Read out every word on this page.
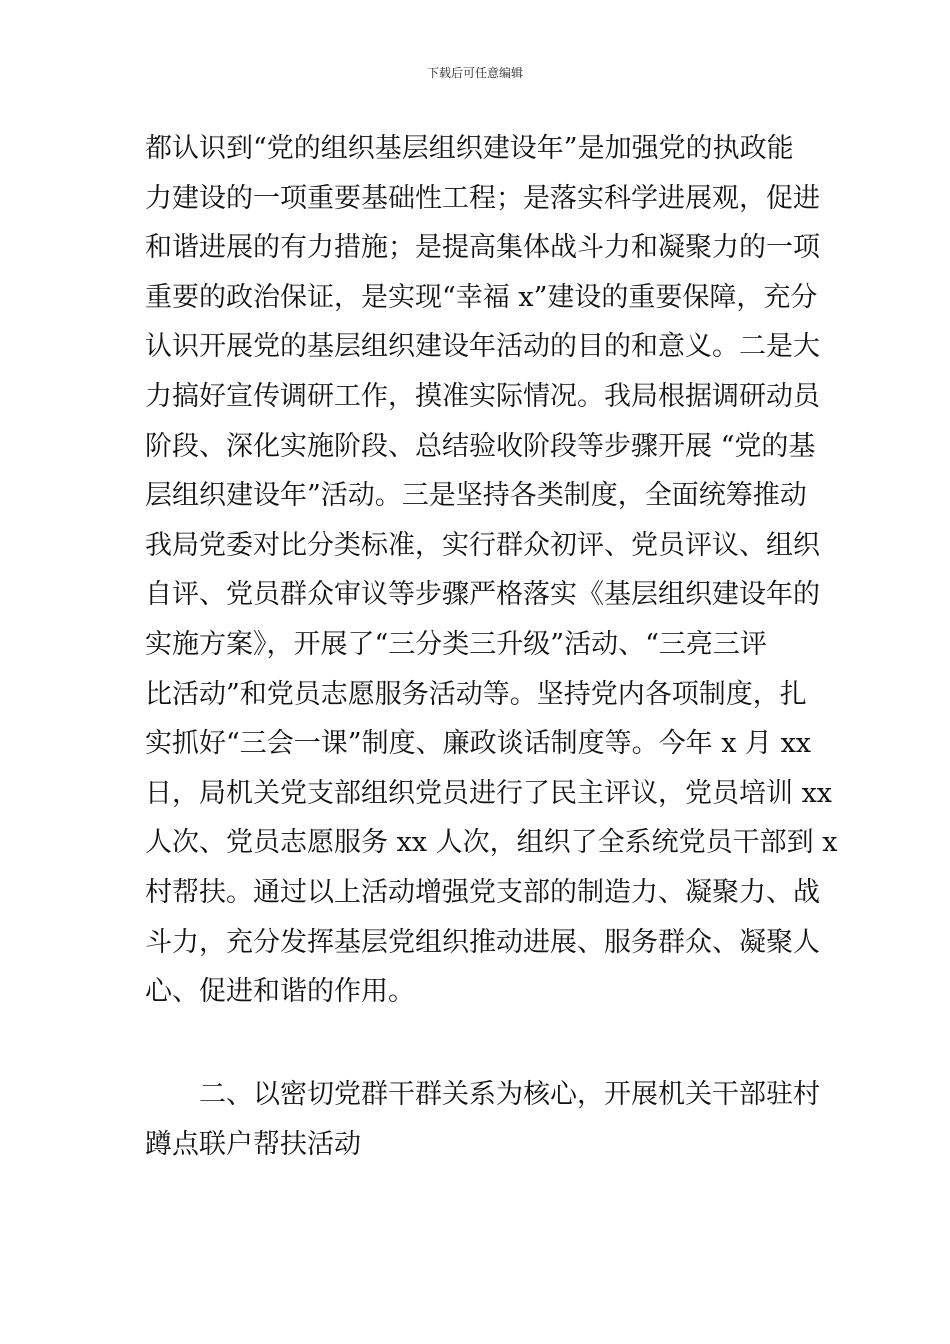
下载后可任意编辑
都认识到“党的组织基层组织建设年”是加强党的执政能
力建设的一项重要基础性工程；是落实科学进展观，促进
和谐进展的有力措施；是提高集体战斗力和凝聚力的一项
重要的政治保证，是实现“幸福 x”建设的重要保障，充分
认识开展党的基层组织建设年活动的目的和意义。二是大
力搞好宣传调研工作，摸准实际情况。我局根据调研动员
阶段、深化实施阶段、总结验收阶段等步骤开展 “党的基
层组织建设年”活动。三是坚持各类制度，全面统筹推动
我局党委对比分类标准，实行群众初评、党员评议、组织
自评、党员群众审议等步骤严格落实《基层组织建设年的
实施方案》，开展了“三分类三升级”活动、“三亮三评
比活动”和党员志愿服务活动等。坚持党内各项制度，扎
实抓好“三会一课”制度、廉政谈话制度等。今年 x 月 xx
日，局机关党支部组织党员进行了民主评议，党员培训 xx
人次、党员志愿服务 xx 人次，组织了全系统党员干部到 x
村帮扶。通过以上活动增强党支部的制造力、凝聚力、战
斗力，充分发挥基层党组织推动进展、服务群众、凝聚人
心、促进和谐的作用。
二、以密切党群干群关系为核心，开展机关干部驻村
蹲点联户帮扶活动
